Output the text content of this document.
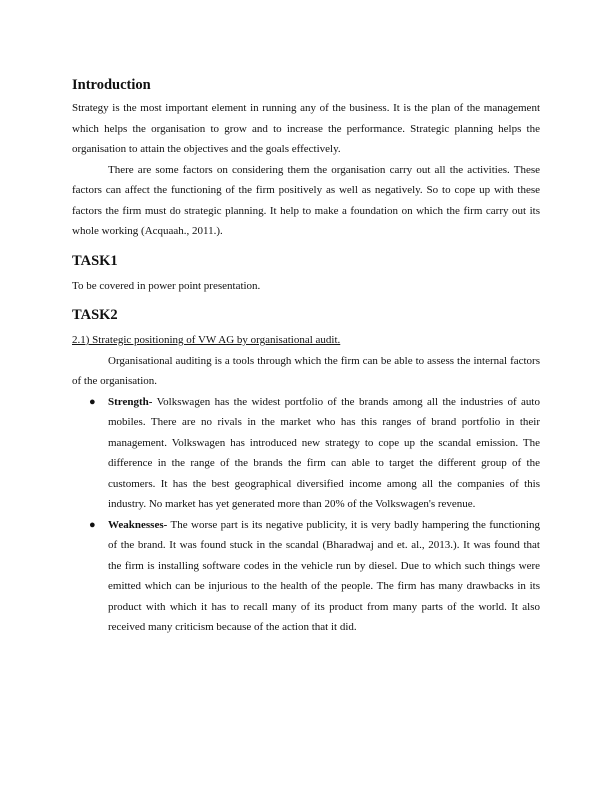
Introduction

Strategy is the most important element in running any of the business. It is the plan of the management which helps the organisation to grow and to increase the performance. Strategic planning helps the organisation to attain the objectives and the goals effectively.

There are some factors on considering them the organisation carry out all the activities. These factors can affect the functioning of the firm positively as well as negatively. So to cope up with these factors the firm must do strategic planning. It help to make a foundation on which the firm carry out its whole working (Acquaah., 2011.).

TASK1

To be covered in power point presentation.

TASK2

2.1) Strategic positioning of VW AG by organisational audit.

Organisational auditing is a tools through which the firm can be able to assess the internal factors of the organisation.

● Strength- Volkswagen has the widest portfolio of the brands among all the industries of auto mobiles. There are no rivals in the market who has this ranges of brand portfolio in their management. Volkswagen has introduced new strategy to cope up the scandal emission. The difference in the range of the brands the firm can able to target the different group of the customers. It has the best geographical diversified income among all the companies of this industry. No market has yet generated more than 20% of the Volkswagen's revenue.

● Weaknesses- The worse part is its negative publicity, it is very badly hampering the functioning of the brand. It was found stuck in the scandal (Bharadwaj and et. al., 2013.). It was found that the firm is installing software codes in the vehicle run by diesel. Due to which such things were emitted which can be injurious to the health of the people. The firm has many drawbacks in its product with which it has to recall many of its product from many parts of the world. It also received many criticism because of the action that it did.
